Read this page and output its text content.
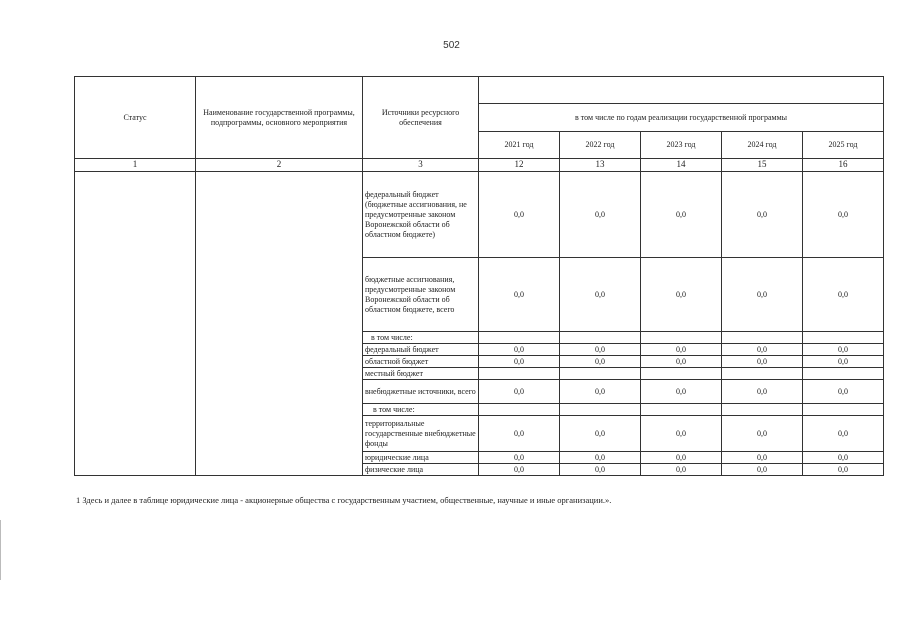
502
Статус	Наименование государственной программы, подпрограммы, основного мероприятия	Источники ресурсного обеспечения					
			в том числе по годам реализации государственной программы				
			2021 год	2022 год	2023 год	2024 год	2025 год
1	2	3	12	13	14	15	16
		федеральный бюджет (бюджетные ассигнования, не предусмотренные законом Воронежской области об областном бюджете)	0,0	0,0	0,0	0,0	0,0
		бюджетные ассигнования, предусмотренные законом Воронежской области об областном бюджете, всего	0,0	0,0	0,0	0,0	0,0
		в том числе:					
		федеральный бюджет	0,0	0,0	0,0	0,0	0,0
		областной бюджет	0,0	0,0	0,0	0,0	0,0
		местный бюджет					
		внебюджетные источники, всего	0,0	0,0	0,0	0,0	0,0
		в том числе:					
		территориальные государственные внебюджетные фонды	0,0	0,0	0,0	0,0	0,0
		юридические лица	0,0	0,0	0,0	0,0	0,0
		физические лица	0,0	0,0	0,0	0,0	0,0
1 Здесь и далее в таблице юридические лица - акционерные общества с государственным участием, общественные, научные и иные организации.».
